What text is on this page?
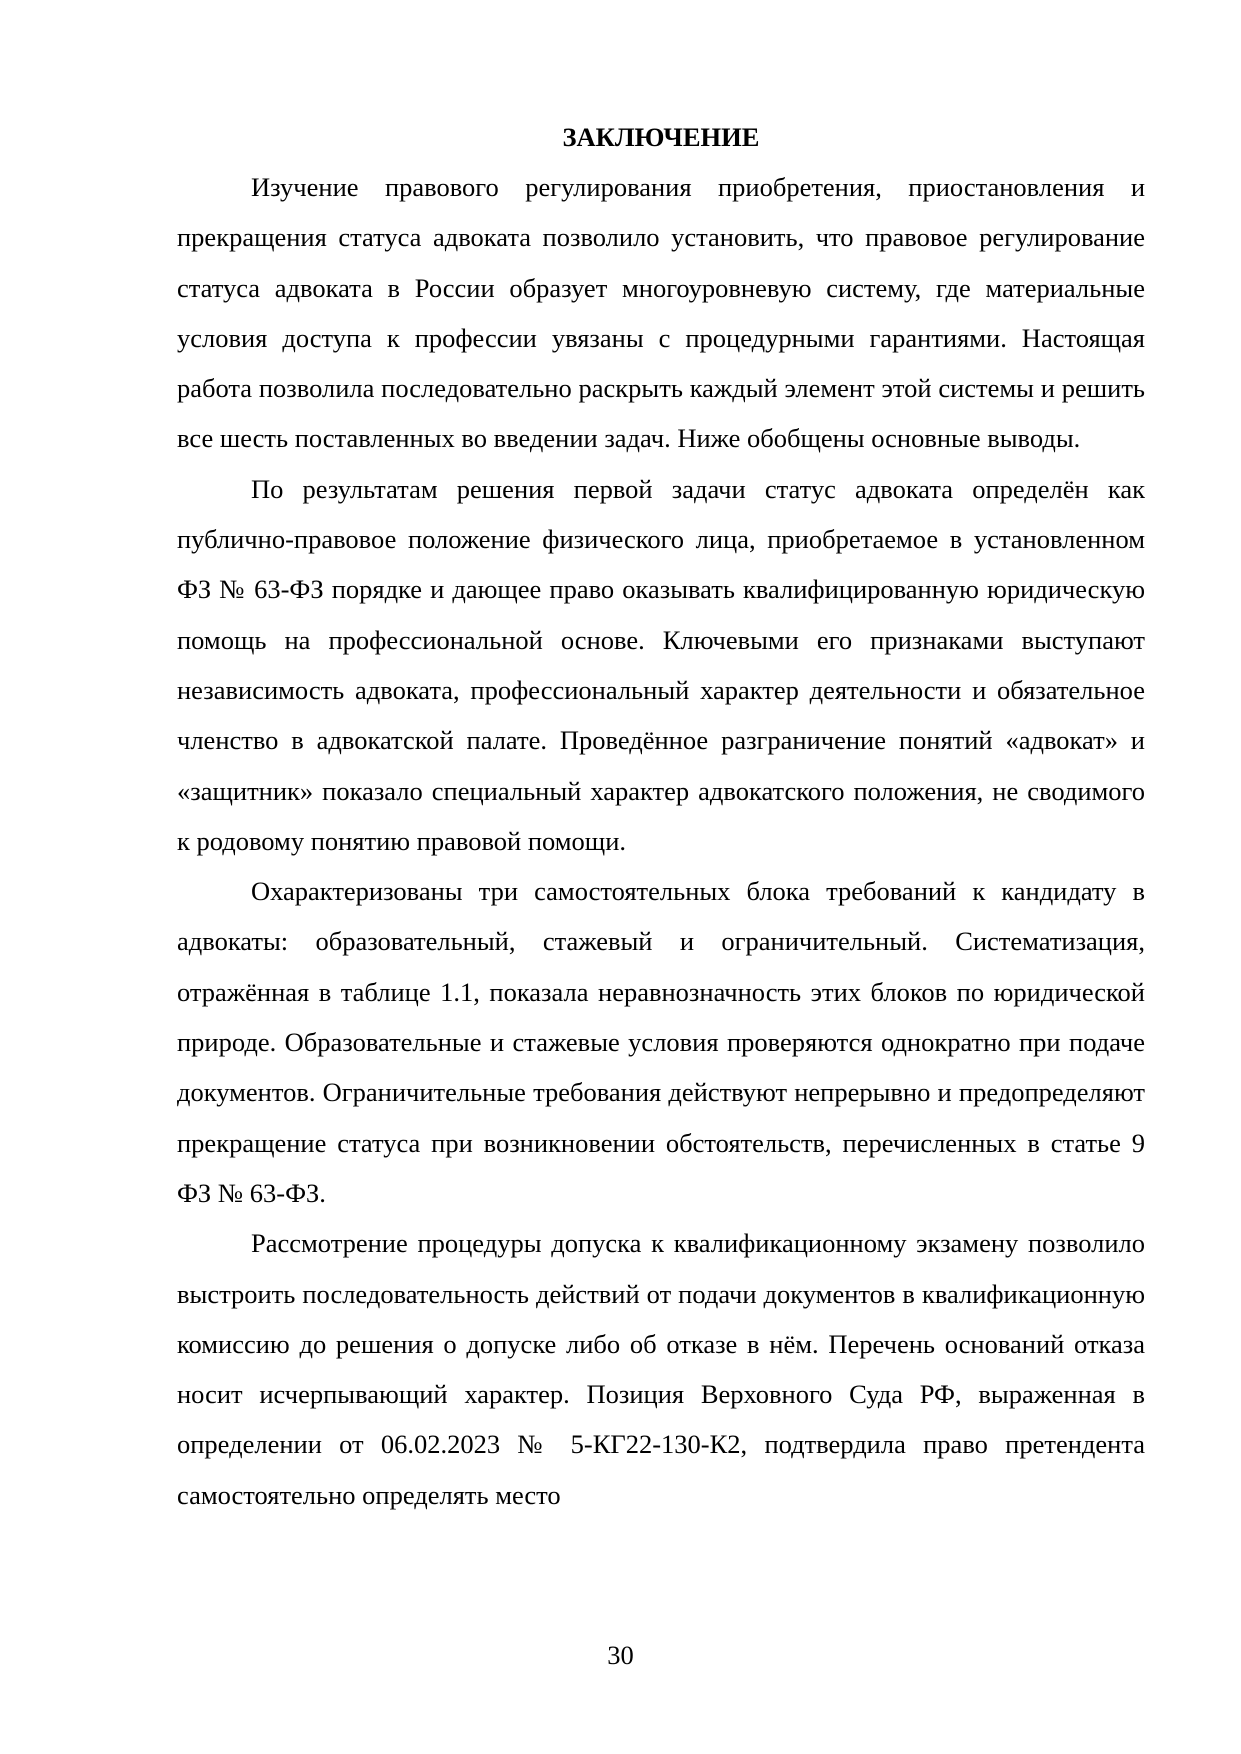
ЗАКЛЮЧЕНИЕ

Изучение правового регулирования приобретения, приостановления и прекращения статуса адвоката позволило установить, что правовое регулирование статуса адвоката в России образует многоуровневую систему, где материальные условия доступа к профессии увязаны с процедурными гарантиями. Настоящая работа позволила последовательно раскрыть каждый элемент этой системы и решить все шесть поставленных во введении задач. Ниже обобщены основные выводы.

По результатам решения первой задачи статус адвоката определён как публично-правовое положение физического лица, приобретаемое в установленном ФЗ № 63-ФЗ порядке и дающее право оказывать квалифицированную юридическую помощь на профессиональной основе. Ключевыми его признаками выступают независимость адвоката, профессиональный характер деятельности и обязательное членство в адвокатской палате. Проведённое разграничение понятий «адвокат» и «защитник» показало специальный характер адвокатского положения, не сводимого к родовому понятию правовой помощи.

Охарактеризованы три самостоятельных блока требований к кандидату в адвокаты: образовательный, стажевый и ограничительный. Систематизация, отражённая в таблице 1.1, показала неравнозначность этих блоков по юридической природе. Образовательные и стажевые условия проверяются однократно при подаче документов. Ограничительные требования действуют непрерывно и предопределяют прекращение статуса при возникновении обстоятельств, перечисленных в статье 9 ФЗ № 63-ФЗ.

Рассмотрение процедуры допуска к квалификационному экзамену позволило выстроить последовательность действий от подачи документов в квалификационную комиссию до решения о допуске либо об отказе в нём. Перечень оснований отказа носит исчерпывающий характер. Позиция Верховного Суда РФ, выраженная в определении от 06.02.2023 № 5-КГ22-130-К2, подтвердила право претендента самостоятельно определять место

30
